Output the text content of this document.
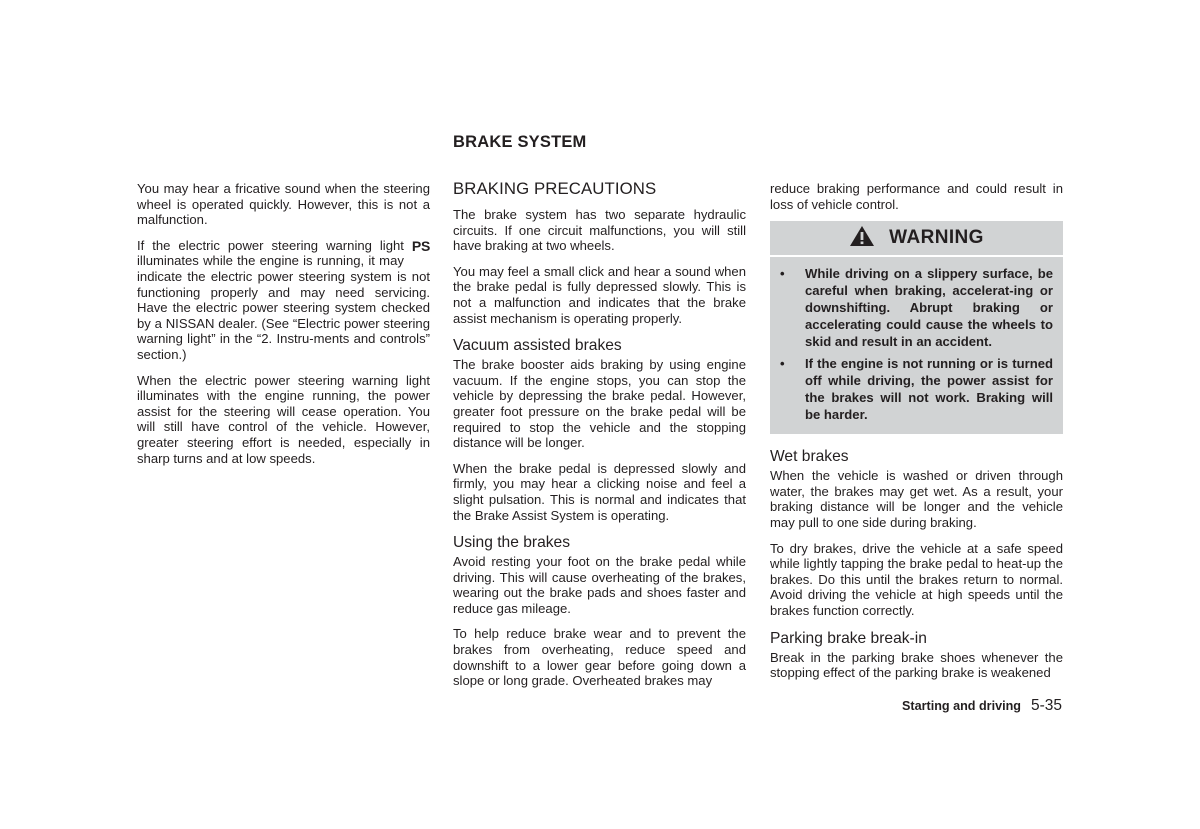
BRAKE SYSTEM

You may hear a fricative sound when the steering wheel is operated quickly. However, this is not a malfunction.

PS
If the electric power steering warning light illuminates while the engine is running, it may indicate the electric power steering system is not functioning properly and may need servicing. Have the electric power steering system checked by a NISSAN dealer. (See “Electric power steering warning light” in the “2. Instru-ments and controls” section.)

When the electric power steering warning light illuminates with the engine running, the power assist for the steering will cease operation. You will still have control of the vehicle. However, greater steering effort is needed, especially in sharp turns and at low speeds.

BRAKING PRECAUTIONS

The brake system has two separate hydraulic circuits. If one circuit malfunctions, you will still have braking at two wheels.

You may feel a small click and hear a sound when the brake pedal is fully depressed slowly. This is not a malfunction and indicates that the brake assist mechanism is operating properly.

Vacuum assisted brakes

The brake booster aids braking by using engine vacuum. If the engine stops, you can stop the vehicle by depressing the brake pedal. However, greater foot pressure on the brake pedal will be required to stop the vehicle and the stopping distance will be longer.

When the brake pedal is depressed slowly and firmly, you may hear a clicking noise and feel a slight pulsation. This is normal and indicates that the Brake Assist System is operating.

Using the brakes

Avoid resting your foot on the brake pedal while driving. This will cause overheating of the brakes, wearing out the brake pads and shoes faster and reduce gas mileage.

To help reduce brake wear and to prevent the brakes from overheating, reduce speed and downshift to a lower gear before going down a slope or long grade. Overheated brakes may

reduce braking performance and could result in loss of vehicle control.

WARNING
• While driving on a slippery surface, be careful when braking, accelerat-ing or downshifting. Abrupt braking or accelerating could cause the wheels to skid and result in an accident.
• If the engine is not running or is turned off while driving, the power assist for the brakes will not work. Braking will be harder.
Wet brakes

When the vehicle is washed or driven through water, the brakes may get wet. As a result, your braking distance will be longer and the vehicle may pull to one side during braking.

To dry brakes, drive the vehicle at a safe speed while lightly tapping the brake pedal to heat-up the brakes. Do this until the brakes return to normal. Avoid driving the vehicle at high speeds until the brakes function correctly.

Parking brake break-in

Break in the parking brake shoes whenever the stopping effect of the parking brake is weakened

Starting and driving 5-35
